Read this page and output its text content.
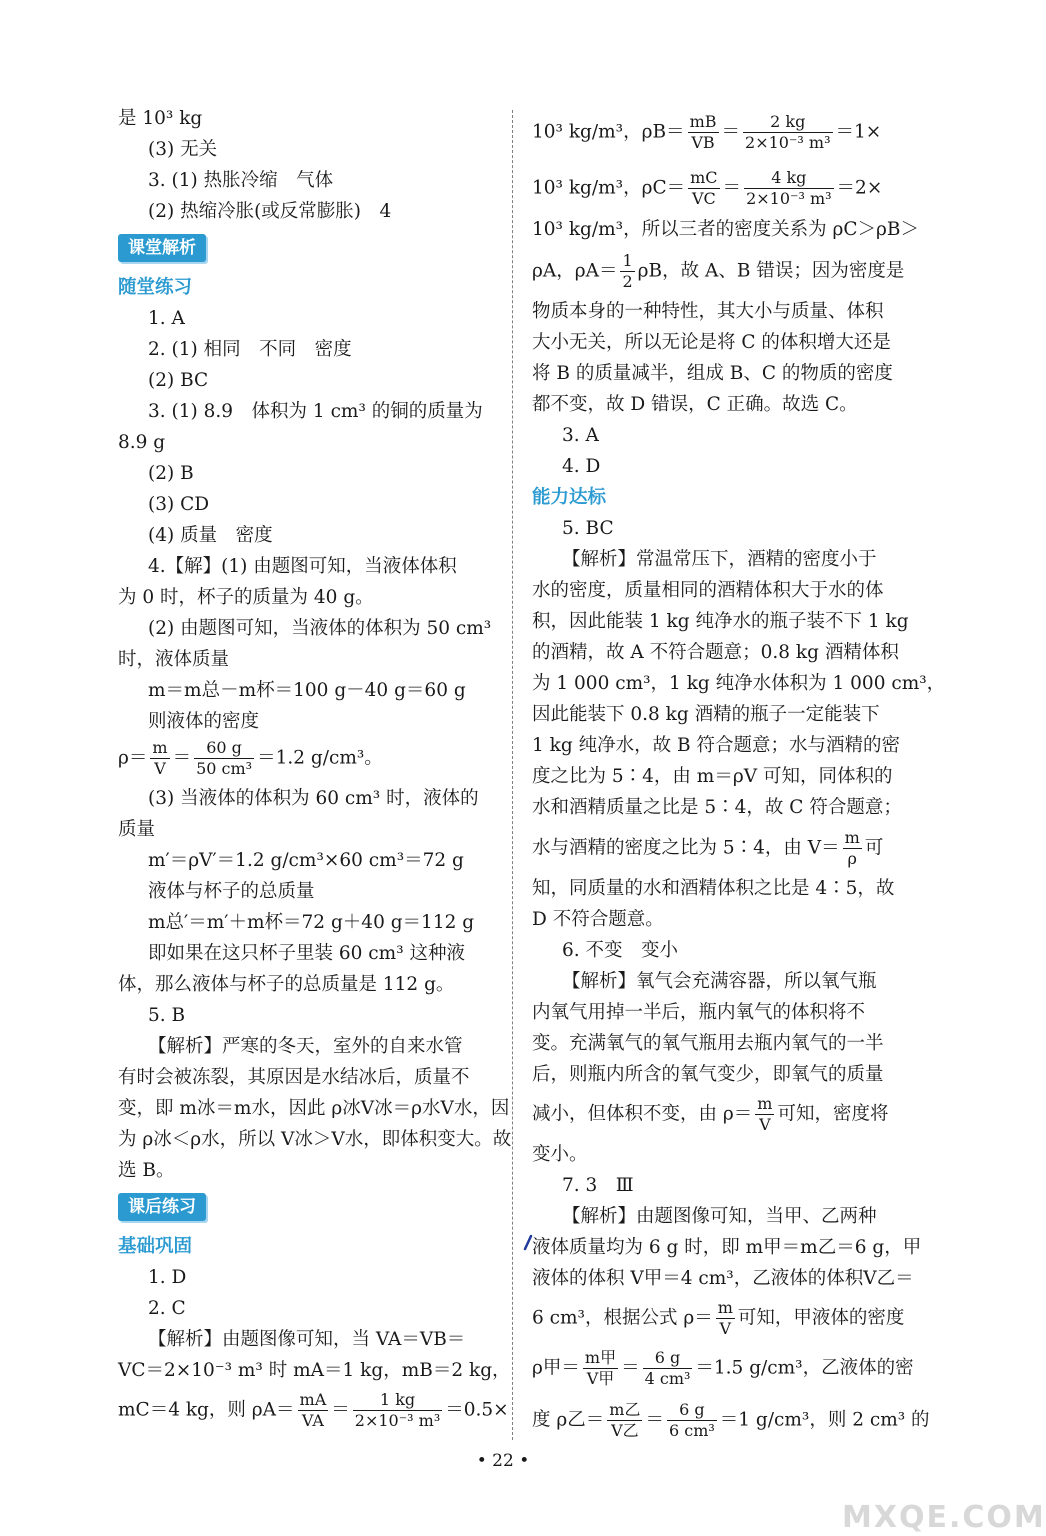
是 10³ kg
(3) 无关
3. (1) 热胀冷缩　气体
(2) 热缩冷胀(或反常膨胀)　4
课堂解析
随堂练习
1. A
2. (1) 相同　不同　密度
(2) BC
3. (1) 8.9　体积为 1 cm³ 的铜的质量为
8.9 g
(2) B
(3) CD
(4) 质量　密度
4.【解】(1) 由题图可知，当液体体积
为 0 时，杯子的质量为 40 g。
(2) 由题图可知，当液体的体积为 50 cm³
时，液体质量
m＝m总－m杯＝100 g－40 g＝60 g
则液体的密度
$\rho= \frac{m}{V} = \frac{60 g}{\text{50 cm³}} =1.2$ g/cm³。
(3) 当液体的体积为 60 cm³ 时，液体的
质量
m′＝ρV′＝1.2 g/cm³×60 cm³＝72 g
液体与杯子的总质量
m总′＝m′＋m杯＝72 g＋40 g＝112 g
即如果在这只杯子里装 60 cm³ 这种液
体，那么液体与杯子的总质量是 112 g。
5. B
【解析】严寒的冬天，室外的自来水管
有时会被冻裂，其原因是水结冰后，质量不
变，即 m冰＝m水，因此 ρ冰V冰＝ρ水V水，因
为 ρ冰＜ρ水，所以 V冰＞V水，即体积变大。故
选 B。
课后练习
基础巩固
1. D
2. C
【解析】由题图像可知，当 VA＝VB＝
VC＝2×10⁻³ m³ 时 mA＝1 kg，mB＝2 kg，
mC＝4 kg，则 $\rho A= \frac{mA}{VA} = \frac{1 kg}{\text{2×10⁻³ m³}} =0.5\times$
10³ kg/m³，$\rho B= \frac{mB}{VB} = \frac{2 kg}{\text{2×10⁻³ m³}} =1\times$
10³ kg/m³，$\rho C= \frac{mC}{VC} = \frac{4 kg}{\text{2×10⁻³ m³}} =2\times$
10³ kg/m³，所以三者的密度关系为 ρC＞ρB＞
ρA，$\rho A= \frac{1}{2}$ ρB，故 A、B 错误；因为密度是
物质本身的一种特性，其大小与质量、体积
大小无关，所以无论是将 C 的体积增大还是
将 B 的质量减半，组成 B、C 的物质的密度
都不变，故 D 错误，C 正确。故选 C。
3. A
4. D
能力达标
5. BC
【解析】常温常压下，酒精的密度小于
水的密度，质量相同的酒精体积大于水的体
积，因此能装 1 kg 纯净水的瓶子装不下 1 kg
的酒精，故 A 不符合题意；0.8 kg 酒精体积
为 1 000 cm³，1 kg 纯净水体积为 1 000 cm³，
因此能装下 0.8 kg 酒精的瓶子一定能装下
1 kg 纯净水，故 B 符合题意；水与酒精的密
度之比为 5∶4，由 m＝ρV 可知，同体积的
水和酒精质量之比是 5∶4，故 C 符合题意；
水与酒精的密度之比为 5∶4，由 $V= \frac{m}{\rho}$ 可
知，同质量的水和酒精体积之比是 4∶5，故
D 不符合题意。
6. 不变　变小
【解析】氧气会充满容器，所以氧气瓶
内氧气用掉一半后，瓶内氧气的体积将不
变。充满氧气的氧气瓶用去瓶内氧气的一半
后，则瓶内所含的氧气变少，即氧气的质量
减小，但体积不变，由 $\rho= \frac{m}{V}$ 可知，密度将
变小。
7. 3　Ⅲ
【解析】由题图像可知，当甲、乙两种
液体质量均为 6 g 时，即 m甲＝m乙＝6 g，甲
液体的体积 V甲＝4 cm³，乙液体的体积V乙＝
6 cm³，根据公式 $\rho= \frac{m}{V}$ 可知，甲液体的密度
ρ甲＝ $\frac{\text{m甲}}{\text{V甲}} = \frac{6 g}{\text{4 cm³}} =1.5$ g/cm³，乙液体的密
度 ρ乙＝ $\frac{\text{m乙}}{\text{V乙}} = \frac{6 g}{\text{6 cm³}} =1$ g/cm³，则 2 cm³ 的
• 22 •
MXQE.COM
